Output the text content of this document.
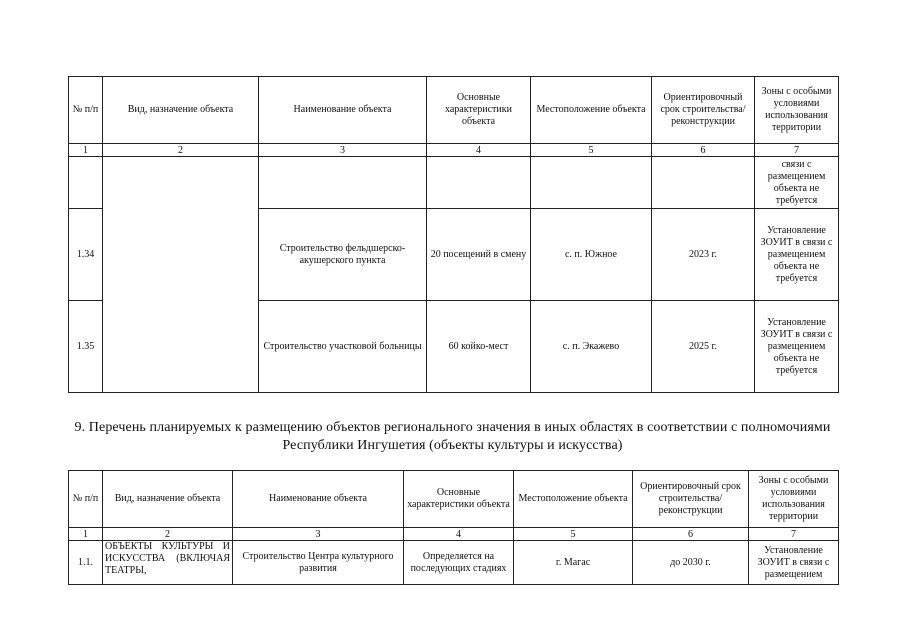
№ п/п	Вид, назначение объекта	Наименование объекта	Основные характеристики объекта	Местоположение объекта	Ориентировочный срок строительства/ реконструкции	Зоны с особыми условиями использования территории
1	2	3	4	5	6	7
						связи с размещением объекта не требуется
1.34		Строительство фельдшерско-акушерского пункта	20 посещений в смену	с. п. Южное	2023 г.	Установление ЗОУИТ в связи с размещением объекта не требуется
1.35		Строительство участковой больницы	60 койко-мест	с. п. Экажево	2025 г.	Установление ЗОУИТ в связи с размещением объекта не требуется
9. Перечень планируемых к размещению объектов регионального значения в иных областях в соответствии с полномочиями Республики Ингушетия (объекты культуры и искусства)
№ п/п	Вид, назначение объекта	Наименование объекта	Основные характеристики объекта	Местоположение объекта	Ориентировочный срок строительства/ реконструкции	Зоны с особыми условиями использования территории
1	2	3	4	5	6	7
1.1.	ОБЪЕКТЫ КУЛЬТУРЫ И ИСКУССТВА (ВКЛЮЧАЯ ТЕАТРЫ,	Строительство Центра культурного развития	Определяется на последующих стадиях	г. Магас	до 2030 г.	Установление ЗОУИТ в связи с размещением
